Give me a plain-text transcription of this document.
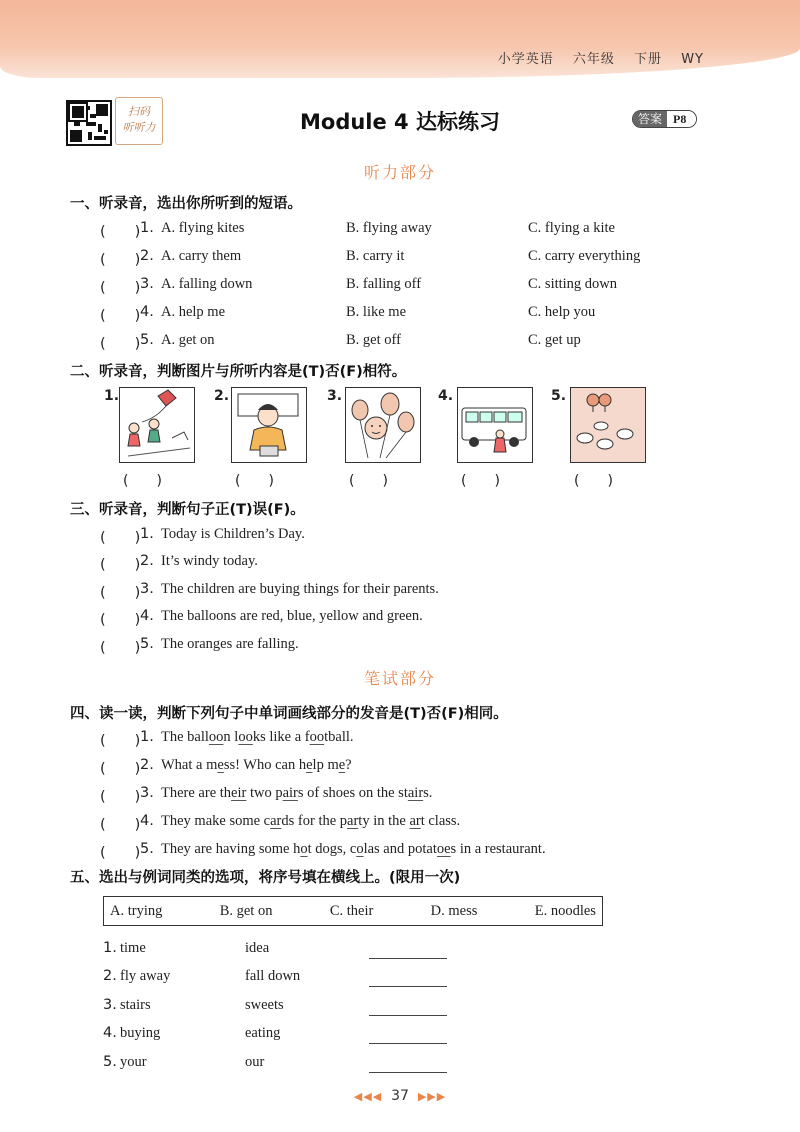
小学英语 六年级 下册 WY
扫码
听听力	Module 4 达标练习	答案 P8
听力部分
一、听录音，选出你所听到的短语。
(　　) 1. A. flying kites	B. flying away	C. flying a kite
(　　) 2. A. carry them	B. carry it	C. carry everything
(　　) 3. A. falling down	B. falling off	C. sitting down
(　　) 4. A. help me	B. like me	C. help you
(　　) 5. A. get on	B. get off	C. get up
二、听录音，判断图片与所听内容是(T)否(F)相符。
1.	2.	3.	4.	5.
(　　)	(　　)	(　　)	(　　)	(　　)
三、听录音，判断句子正(T)误(F)。
(　　) 1. Today is Children’s Day.
(　　) 2. It’s windy today.
(　　) 3. The children are buying things for their parents.
(　　) 4. The balloons are red, blue, yellow and green.
(　　) 5. The oranges are falling.
笔试部分
四、读一读，判断下列句子中单词画线部分的发音是(T)否(F)相同。
(　　) 1. The balloon looks like a football.
(　　) 2. What a mess! Who can help me?
(　　) 3. There are their two pairs of shoes on the stairs.
(　　) 4. They make some cards for the party in the art class.
(　　) 5. They are having some hot dogs, colas and potatoes in a restaurant.
五、选出与例词同类的选项，将序号填在横线上。(限用一次)
A. trying	B. get on	C. their	D. mess	E. noodles
1. time	idea
2. fly away	fall down
3. stairs	sweets
4. buying	eating
5. your	our
◀◀◀ 37 ▶▶▶
